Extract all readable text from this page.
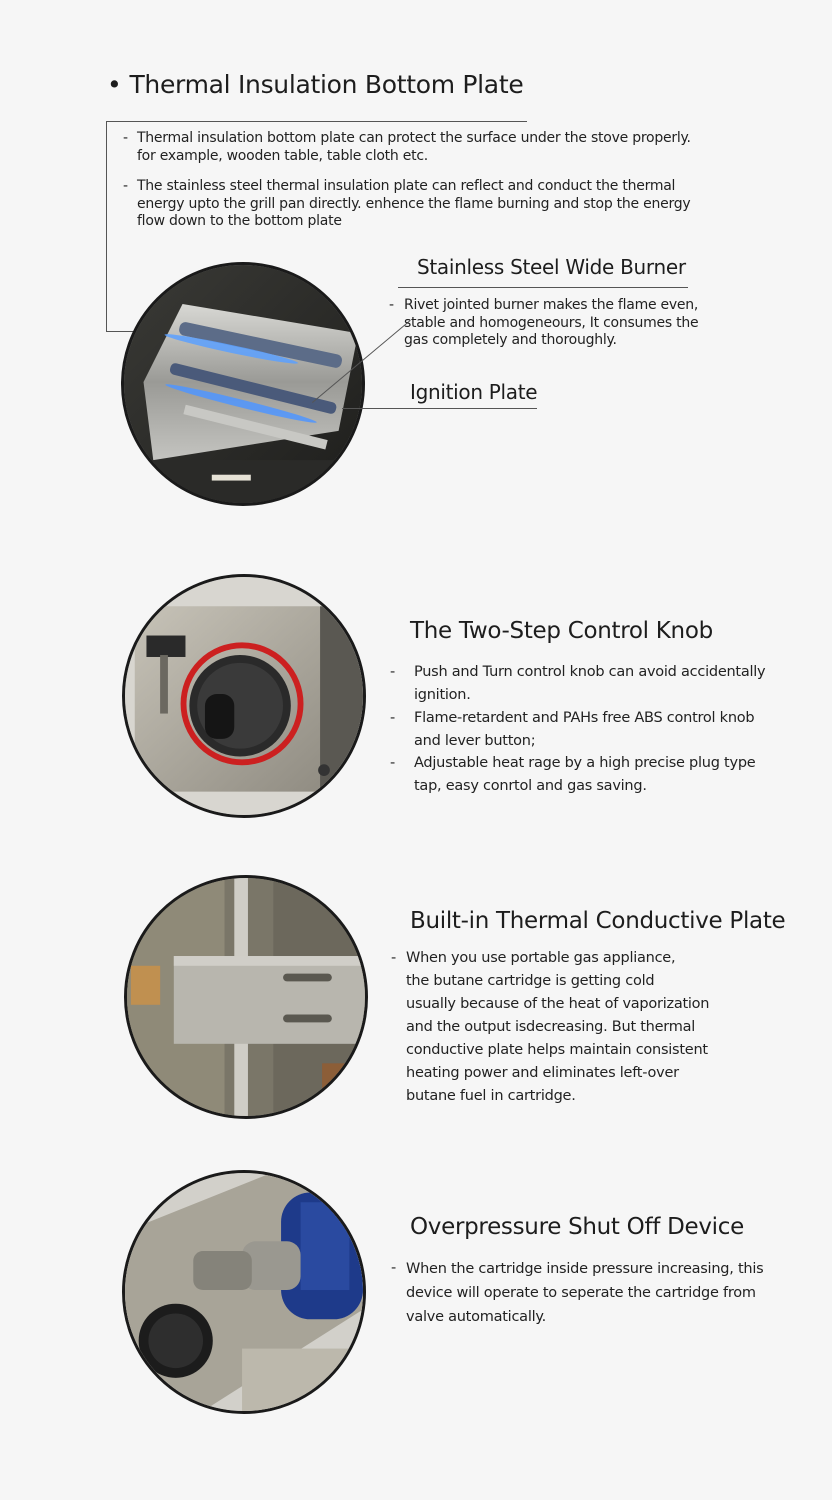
• Thermal Insulation Bottom Plate
- Thermal insulation bottom plate can protect the surface under the stove properly.
for example, wooden table, table cloth etc.
- The stainless steel thermal insulation plate can reflect and conduct the thermal
energy upto the grill pan directly. enhence the flame burning and stop the energy
flow down to the bottom plate
Stainless Steel Wide Burner
- Rivet jointed burner makes the flame even,
stable and homogeneours, It consumes the
gas completely and thoroughly.
Ignition Plate
The Two-Step Control Knob
- Push and Turn control knob can avoid accidentally
ignition.
- Flame-retardent and PAHs free ABS control knob
and lever button;
- Adjustable heat rage by a high precise plug type
tap, easy conrtol and gas saving.
Built-in Thermal Conductive Plate
- When you use portable gas appliance,
the butane cartridge is getting cold
usually because of the heat of vaporization
and the output isdecreasing. But thermal
conductive plate helps maintain consistent
heating power and eliminates left-over
butane fuel in cartridge.
Overpressure Shut Off Device
- When the cartridge inside pressure increasing, this
device will operate to seperate the cartridge from
valve automatically.
